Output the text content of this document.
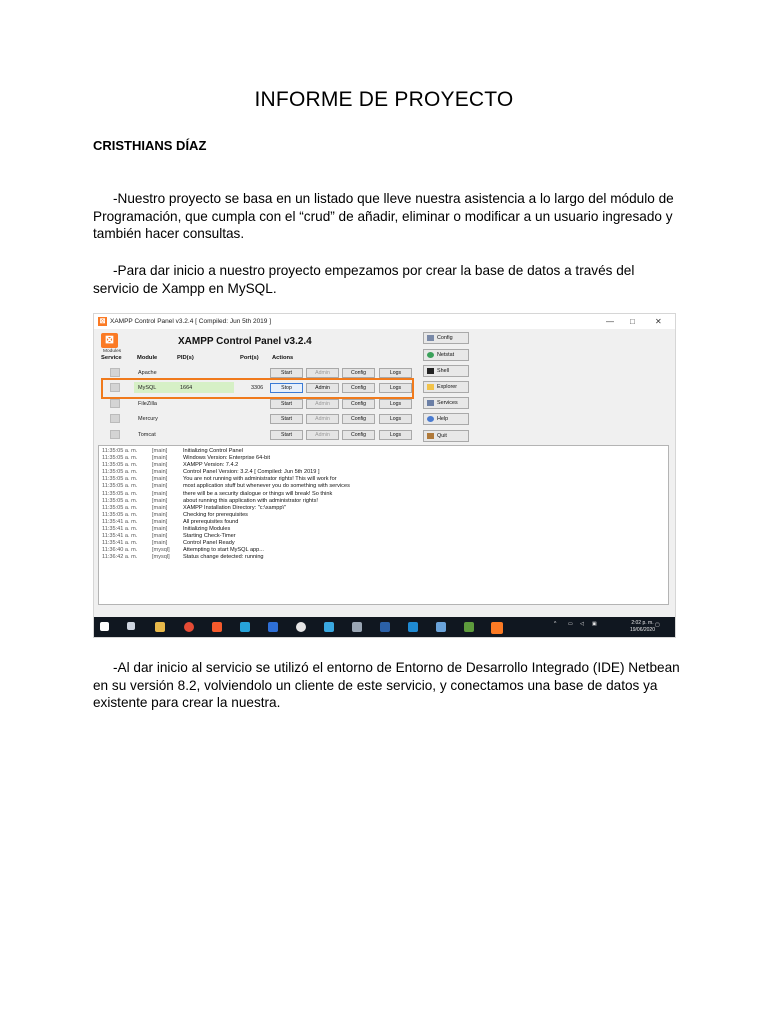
INFORME DE PROYECTO
CRISTHIANS DÍAZ
-Nuestro proyecto se basa en un listado que lleve nuestra asistencia a lo largo del módulo de Programación, que cumpla con el “crud” de añadir, eliminar o modificar a un usuario ingresado y también hacer consultas.
-Para dar inicio a nuestro proyecto empezamos por crear la base de datos a través del servicio de Xampp en MySQL.
⊠ XAMPP Control Panel v3.2.4 [ Compiled: Jun 5th 2019 ]	— □	✕
⊠	XAMPP Control Panel v3.2.4
Modules
Service	Module	PID(s)	Port(s) Actions
Apache	Start	Admin	Config	Logs
MySQL	1664	3306	Stop	Admin	Config	Logs
FileZilla	Start	Admin	Config	Logs
Mercury	Start	Admin	Config	Logs
Tomcat	Start	Admin	Config	Logs
Config
Netstat
Shell
Explorer
Services
Help
Quit
11:35:05 a. m.	[main]	Initializing Control Panel
11:35:05 a. m.	[main]	Windows Version: Enterprise 64-bit
11:35:05 a. m.	[main]	XAMPP Version: 7.4.2
11:35:05 a. m.	[main]	Control Panel Version: 3.2.4 [ Compiled: Jun 5th 2019 ]
11:35:05 a. m.	[main]	You are not running with administrator rights! This will work for
11:35:05 a. m.	[main]	most application stuff but whenever you do something with services
11:35:05 a. m.	[main]	there will be a security dialogue or things will break! So think
11:35:05 a. m.	[main]	about running this application with administrator rights!
11:35:05 a. m.	[main]	XAMPP Installation Directory: "c:\xampp\"
11:35:05 a. m.	[main]	Checking for prerequisites
11:35:41 a. m.	[main]	All prerequisites found
11:35:41 a. m.	[main]	Initializing Modules
11:35:41 a. m.	[main]	Starting Check-Timer
11:35:41 a. m.	[main]	Control Panel Ready
11:36:40 a. m.	[mysql] Attempting to start MySQL app...
11:36:42 a. m.	[mysql] Status change detected: running
^ ▭ ◁ ▣	2:02 p. m.
19/06/2020
▢
-Al dar inicio al servicio se utilizó el entorno de Entorno de Desarrollo Integrado (IDE) Netbean en su versión 8.2, volviendolo un cliente de este servicio, y conectamos una base de datos ya existente para crear la nuestra.
